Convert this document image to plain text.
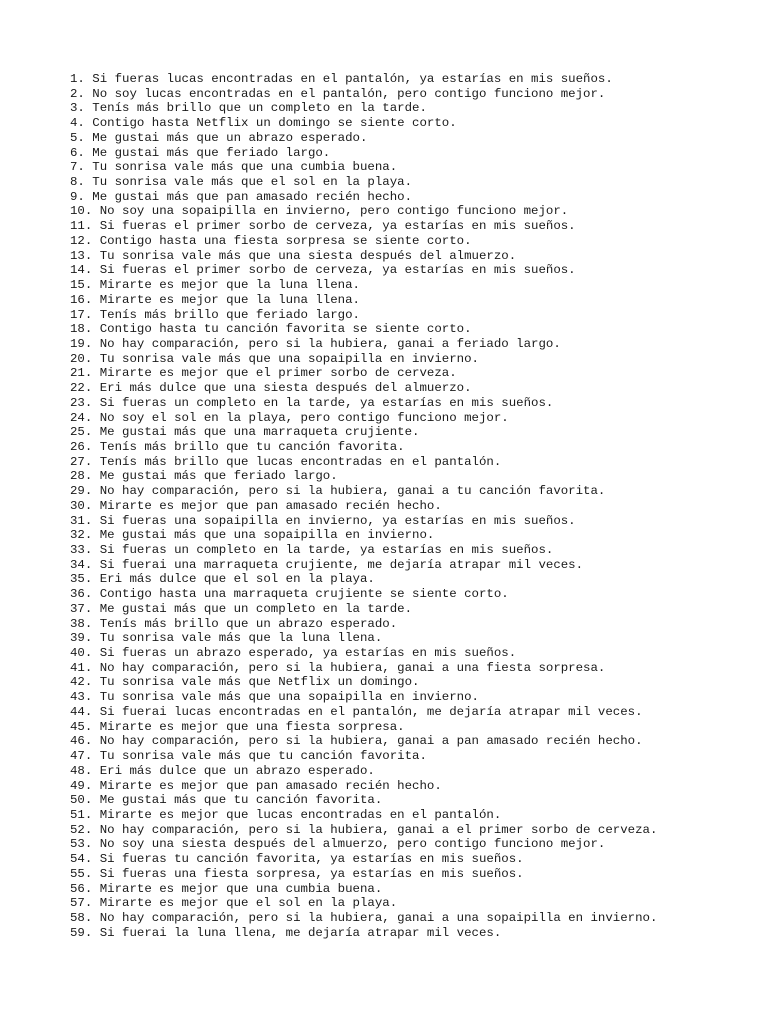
1. Si fueras lucas encontradas en el pantalón, ya estarías en mis sueños.
2. No soy lucas encontradas en el pantalón, pero contigo funciono mejor.
3. Tenís más brillo que un completo en la tarde.
4. Contigo hasta Netflix un domingo se siente corto.
5. Me gustai más que un abrazo esperado.
6. Me gustai más que feriado largo.
7. Tu sonrisa vale más que una cumbia buena.
8. Tu sonrisa vale más que el sol en la playa.
9. Me gustai más que pan amasado recién hecho.
10. No soy una sopaipilla en invierno, pero contigo funciono mejor.
11. Si fueras el primer sorbo de cerveza, ya estarías en mis sueños.
12. Contigo hasta una fiesta sorpresa se siente corto.
13. Tu sonrisa vale más que una siesta después del almuerzo.
14. Si fueras el primer sorbo de cerveza, ya estarías en mis sueños.
15. Mirarte es mejor que la luna llena.
16. Mirarte es mejor que la luna llena.
17. Tenís más brillo que feriado largo.
18. Contigo hasta tu canción favorita se siente corto.
19. No hay comparación, pero si la hubiera, ganai a feriado largo.
20. Tu sonrisa vale más que una sopaipilla en invierno.
21. Mirarte es mejor que el primer sorbo de cerveza.
22. Eri más dulce que una siesta después del almuerzo.
23. Si fueras un completo en la tarde, ya estarías en mis sueños.
24. No soy el sol en la playa, pero contigo funciono mejor.
25. Me gustai más que una marraqueta crujiente.
26. Tenís más brillo que tu canción favorita.
27. Tenís más brillo que lucas encontradas en el pantalón.
28. Me gustai más que feriado largo.
29. No hay comparación, pero si la hubiera, ganai a tu canción favorita.
30. Mirarte es mejor que pan amasado recién hecho.
31. Si fueras una sopaipilla en invierno, ya estarías en mis sueños.
32. Me gustai más que una sopaipilla en invierno.
33. Si fueras un completo en la tarde, ya estarías en mis sueños.
34. Si fuerai una marraqueta crujiente, me dejaría atrapar mil veces.
35. Eri más dulce que el sol en la playa.
36. Contigo hasta una marraqueta crujiente se siente corto.
37. Me gustai más que un completo en la tarde.
38. Tenís más brillo que un abrazo esperado.
39. Tu sonrisa vale más que la luna llena.
40. Si fueras un abrazo esperado, ya estarías en mis sueños.
41. No hay comparación, pero si la hubiera, ganai a una fiesta sorpresa.
42. Tu sonrisa vale más que Netflix un domingo.
43. Tu sonrisa vale más que una sopaipilla en invierno.
44. Si fuerai lucas encontradas en el pantalón, me dejaría atrapar mil veces.
45. Mirarte es mejor que una fiesta sorpresa.
46. No hay comparación, pero si la hubiera, ganai a pan amasado recién hecho.
47. Tu sonrisa vale más que tu canción favorita.
48. Eri más dulce que un abrazo esperado.
49. Mirarte es mejor que pan amasado recién hecho.
50. Me gustai más que tu canción favorita.
51. Mirarte es mejor que lucas encontradas en el pantalón.
52. No hay comparación, pero si la hubiera, ganai a el primer sorbo de cerveza.
53. No soy una siesta después del almuerzo, pero contigo funciono mejor.
54. Si fueras tu canción favorita, ya estarías en mis sueños.
55. Si fueras una fiesta sorpresa, ya estarías en mis sueños.
56. Mirarte es mejor que una cumbia buena.
57. Mirarte es mejor que el sol en la playa.
58. No hay comparación, pero si la hubiera, ganai a una sopaipilla en invierno.
59. Si fuerai la luna llena, me dejaría atrapar mil veces.
